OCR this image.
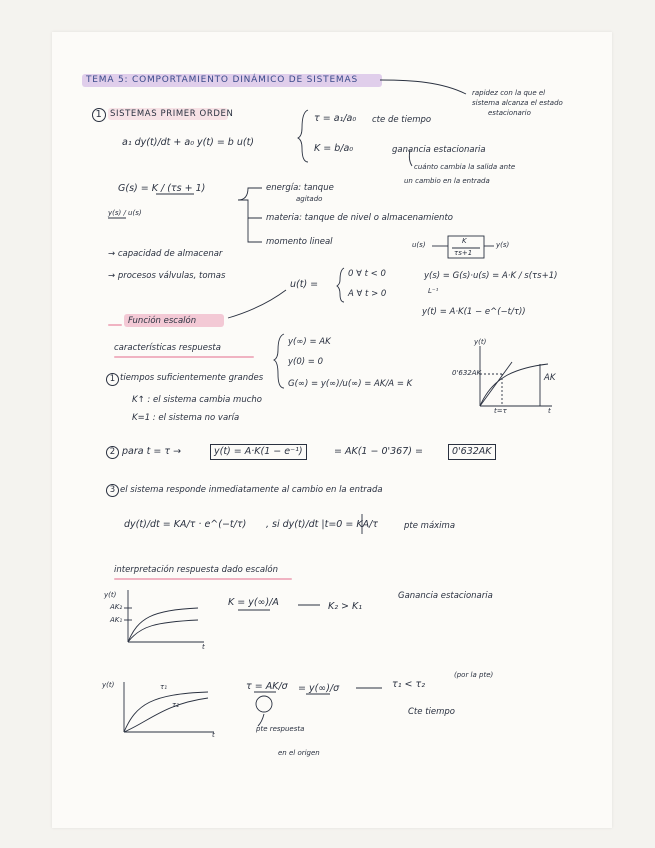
TEMA 5: COMPORTAMIENTO DINÁMICO DE SISTEMAS
1 SISTEMAS PRIMER ORDEN
a₁ dy(t)/dt + a₀ y(t) = b u(t)
τ = a₁/a₀ cte de tiempo
rapidez con la que el
sistema alcanza el estado
estacionario
K = b/a₀	ganancia estacionaria
cuánto cambia la salida ante
un cambio en la entrada
G(s) = K / (τs + 1)
y(s) / u(s)
energía: tanque
agitado
materia: tanque de nivel o almacenamiento
momento lineal
→ capacidad de almacenar
→ procesos válvulas, tomas
Función escalón
u(t) =
0 ∀ t < 0
A ∀ t > 0
u(s)	K
τs+1
y(s)
y(s) = G(s)·u(s) = A·K / s(τs+1)
L⁻¹
y(t) = A·K(1 − e^(−t/τ))
características respuesta
y(∞) = AK
y(0) = 0
G(∞) = y(∞)/u(∞) = AK/A = K
1 tiempos suficientemente grandes
K↑ : el sistema cambia mucho
K=1 : el sistema no varía
y(t)
0'632AK	AK
t=τ	t
2 para t = τ →	y(t) = A·K(1 − e⁻¹)	= AK(1 − 0'367) =	0'632AK
3 el sistema responde inmediatamente al cambio en la entrada
dy(t)/dt = KA/τ · e^(−t/τ) , si dy(t)/dt |t=0 = KA/τ	pte máxima
interpretación respuesta dado escalón
y(t)
AK₂
AK₁
t
K = y(∞)/A	K₂ > K₁
Ganancia estacionaria
y(t)	τ₁
τ₂
t
τ = AK/σ = y(∞)/σ	τ₁ < τ₂
(por la pte)
Cte tiempo
pte respuesta
en el origen
